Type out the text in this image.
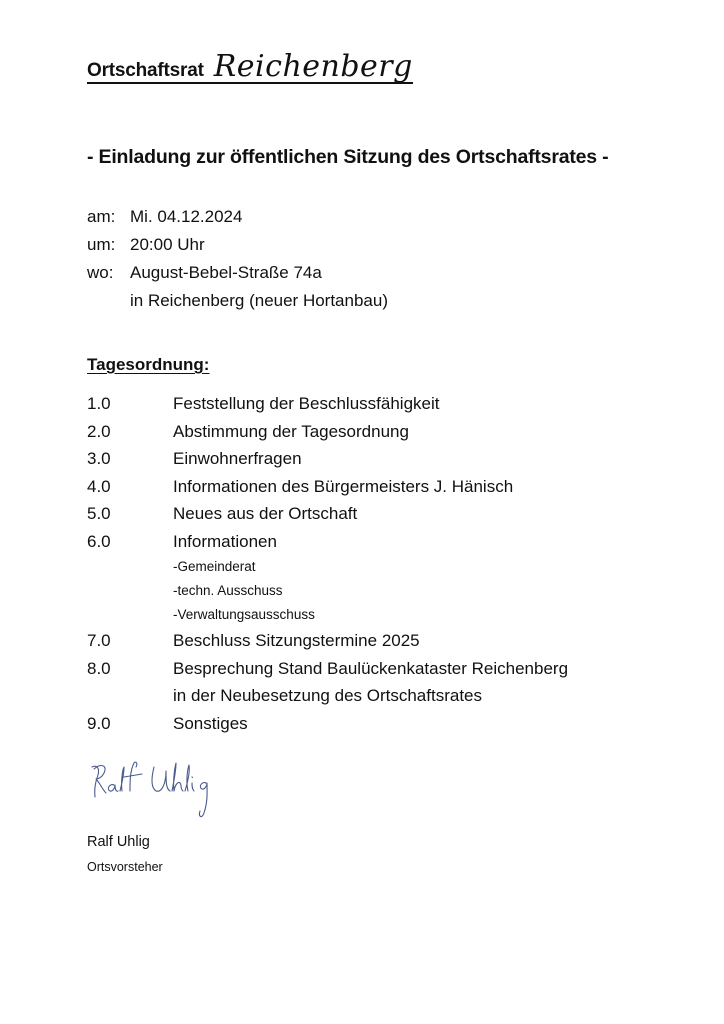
Ortschaftsrat Reichenberg
- Einladung zur öffentlichen Sitzung des Ortschaftsrates -
am: Mi. 04.12.2024
um: 20:00 Uhr
wo: August-Bebel-Straße 74a
in Reichenberg (neuer Hortanbau)
Tagesordnung:
1.0	Feststellung der Beschlussfähigkeit
2.0	Abstimmung der Tagesordnung
3.0	Einwohnerfragen
4.0	Informationen des Bürgermeisters J. Hänisch
5.0	Neues aus der Ortschaft
6.0	Informationen
-Gemeinderat
-techn. Ausschuss
-Verwaltungsausschuss
7.0	Beschluss Sitzungstermine 2025
8.0	Besprechung Stand Baulückenkataster Reichenberg
in der Neubesetzung des Ortschaftsrates
9.0	Sonstiges
Ralf Uhlig
Ortsvorsteher
